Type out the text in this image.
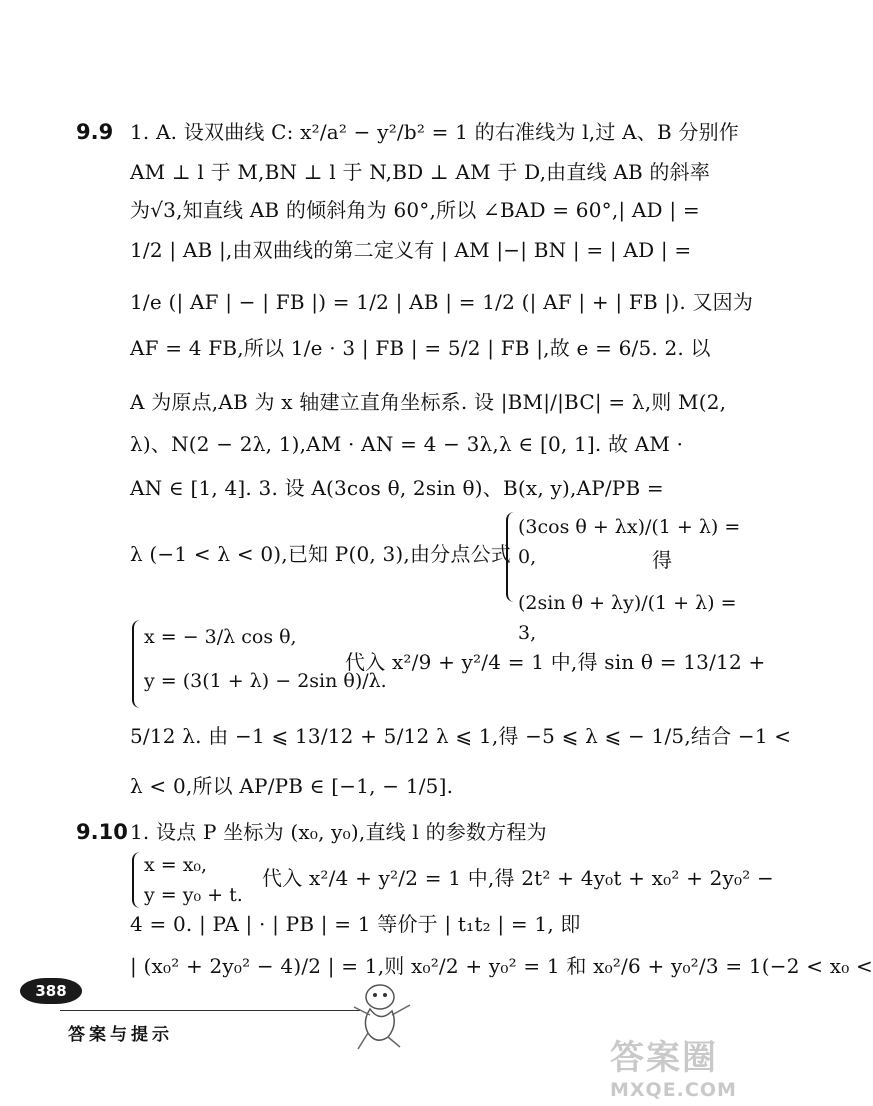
9.9 1. A. 设双曲线 C: x²/a² − y²/b² = 1 的右准线为 l,过 A、B 分别作
AM ⊥ l 于 M,BN ⊥ l 于 N,BD ⊥ AM 于 D,由直线 AB 的斜率
为√3,知直线 AB 的倾斜角为 60°,所以 ∠BAD = 60°,| AD | =
1/2 | AB |,由双曲线的第二定义有 | AM |−| BN | = | AD | =
1/e (| AF | − | FB |) = 1/2 | AB | = 1/2 (| AF | + | FB |). 又因为
AF = 4 FB,所以 1/e · 3 | FB | = 5/2 | FB |,故 e = 6/5. 2. 以
A 为原点,AB 为 x 轴建立直角坐标系. 设 |BM|/|BC| = λ,则 M(2,
λ)、N(2 − 2λ, 1),AM · AN = 4 − 3λ,λ ∈ [0, 1]. 故 AM ·
AN ∈ [1, 4]. 3. 设 A(3cos θ, 2sin θ)、B(x, y),AP/PB =
λ (−1 < λ < 0),已知 P(0, 3),由分点公式
(3cos θ + λx)/(1 + λ) = 0,
(2sin θ + λy)/(1 + λ) = 3,
得
x = − 3/λ cos θ,
y = (3(1 + λ) − 2sin θ)/λ.
代入 x²/9 + y²/4 = 1 中,得 sin θ = 13/12 +
5/12 λ. 由 −1 ⩽ 13/12 + 5/12 λ ⩽ 1,得 −5 ⩽ λ ⩽ − 1/5,结合 −1 <
λ < 0,所以 AP/PB ∈ [−1, − 1/5].
9.10 1. 设点 P 坐标为 (x₀, y₀),直线 l 的参数方程为
x = x₀,
y = y₀ + t.
代入 x²/4 + y²/2 = 1 中,得 2t² + 4y₀t + x₀² + 2y₀² −
4 = 0. | PA | · | PB | = 1 等价于 | t₁t₂ | = 1, 即
| (x₀² + 2y₀² − 4)/2 | = 1,则 x₀²/2 + y₀² = 1 和 x₀²/6 + y₀²/3 = 1(−2 < x₀ <
388
答案与提示
答案圈
MXQE.COM
